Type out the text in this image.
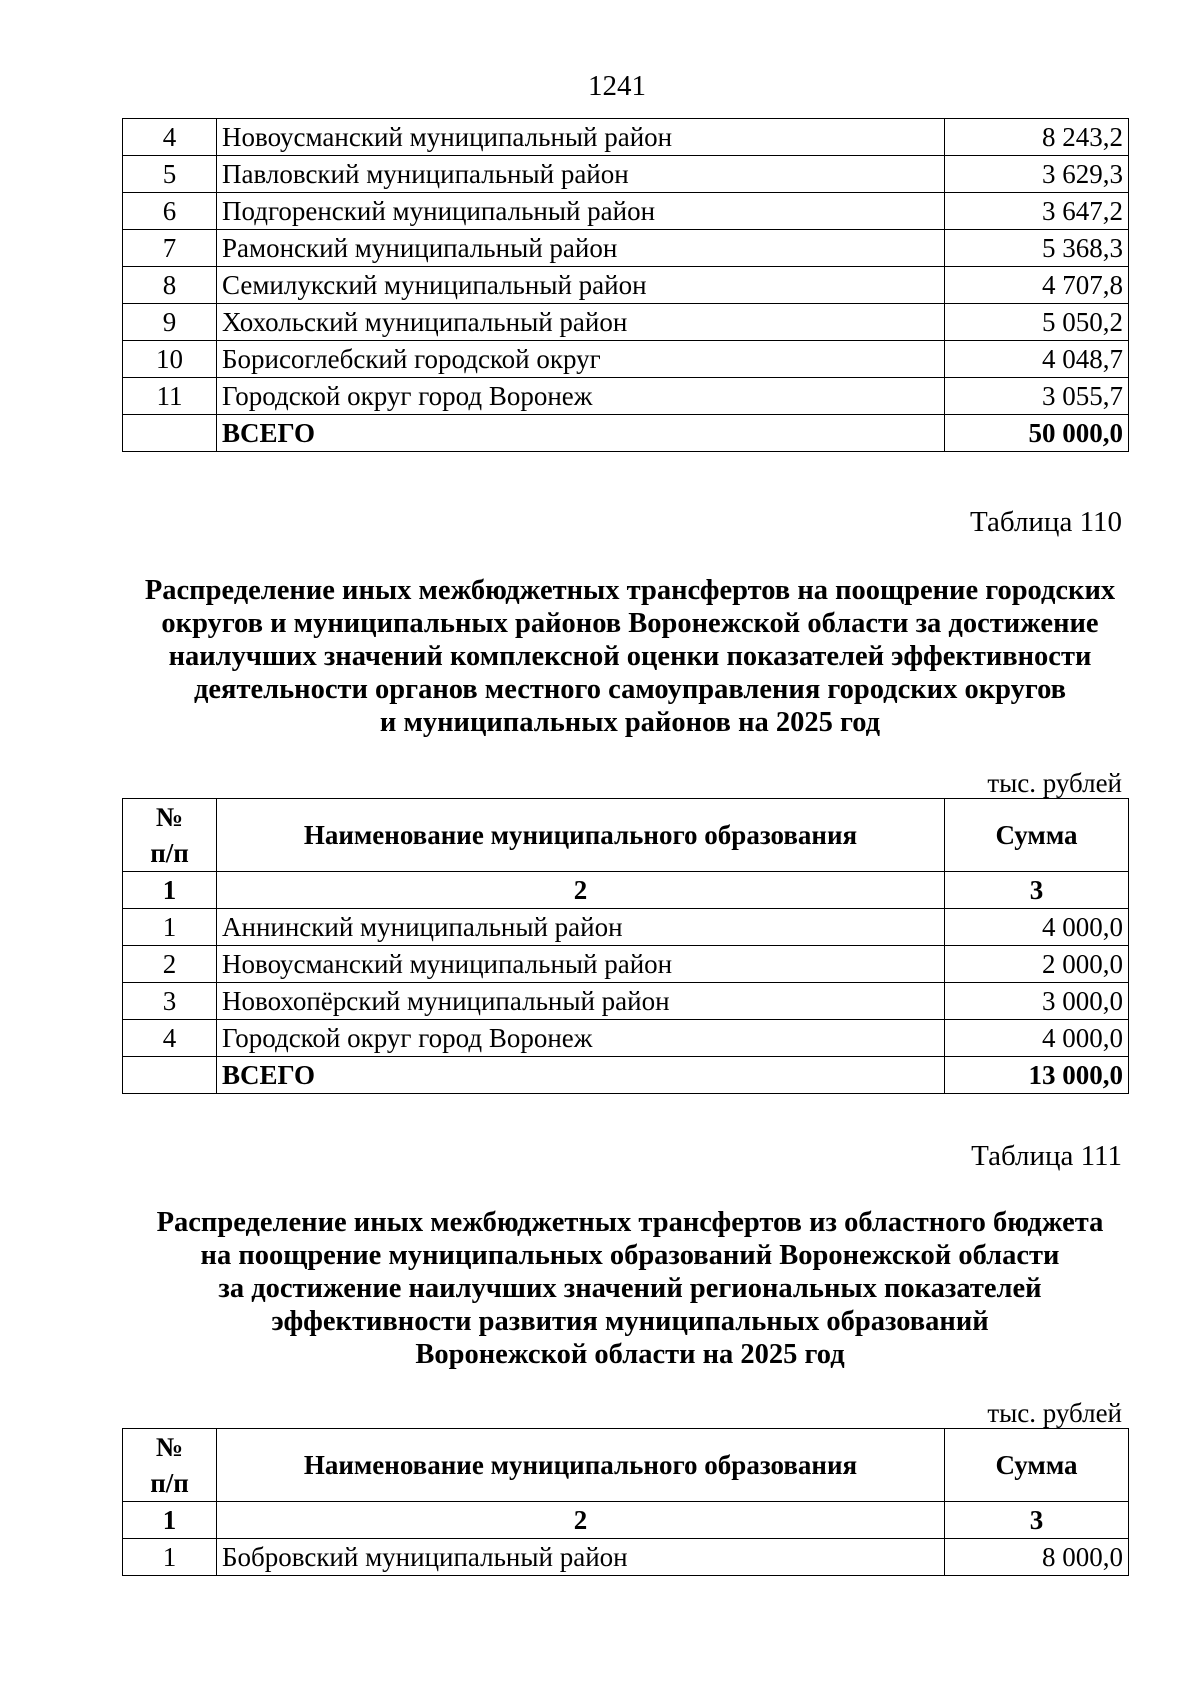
1241
4	Новоусманский муниципальный район	8 243,2
5	Павловский муниципальный район	3 629,3
6	Подгоренский муниципальный район	3 647,2
7	Рамонский муниципальный район	5 368,3
8	Семилукский муниципальный район	4 707,8
9	Хохольский муниципальный район	5 050,2
10	Борисоглебский городской округ	4 048,7
11	Городской округ город Воронеж	3 055,7
	ВСЕГО	50 000,0
Таблица 110
Распределение иных межбюджетных трансфертов на поощрение городских
округов и муниципальных районов Воронежской области за достижение
наилучших значений комплексной оценки показателей эффективности
деятельности органов местного самоуправления городских округов
и муниципальных районов на 2025 год
тыс. рублей
№
п/п	Наименование муниципального образования	Сумма
1	2	3
1	Аннинский муниципальный район	4 000,0
2	Новоусманский муниципальный район	2 000,0
3	Новохопёрский муниципальный район	3 000,0
4	Городской округ город Воронеж	4 000,0
	ВСЕГО	13 000,0
Таблица 111
Распределение иных межбюджетных трансфертов из областного бюджета
на поощрение муниципальных образований Воронежской области
за достижение наилучших значений региональных показателей
эффективности развития муниципальных образований
Воронежской области на 2025 год
тыс. рублей
№
п/п	Наименование муниципального образования	Сумма
1	2	3
1	Бобровский муниципальный район	8 000,0
